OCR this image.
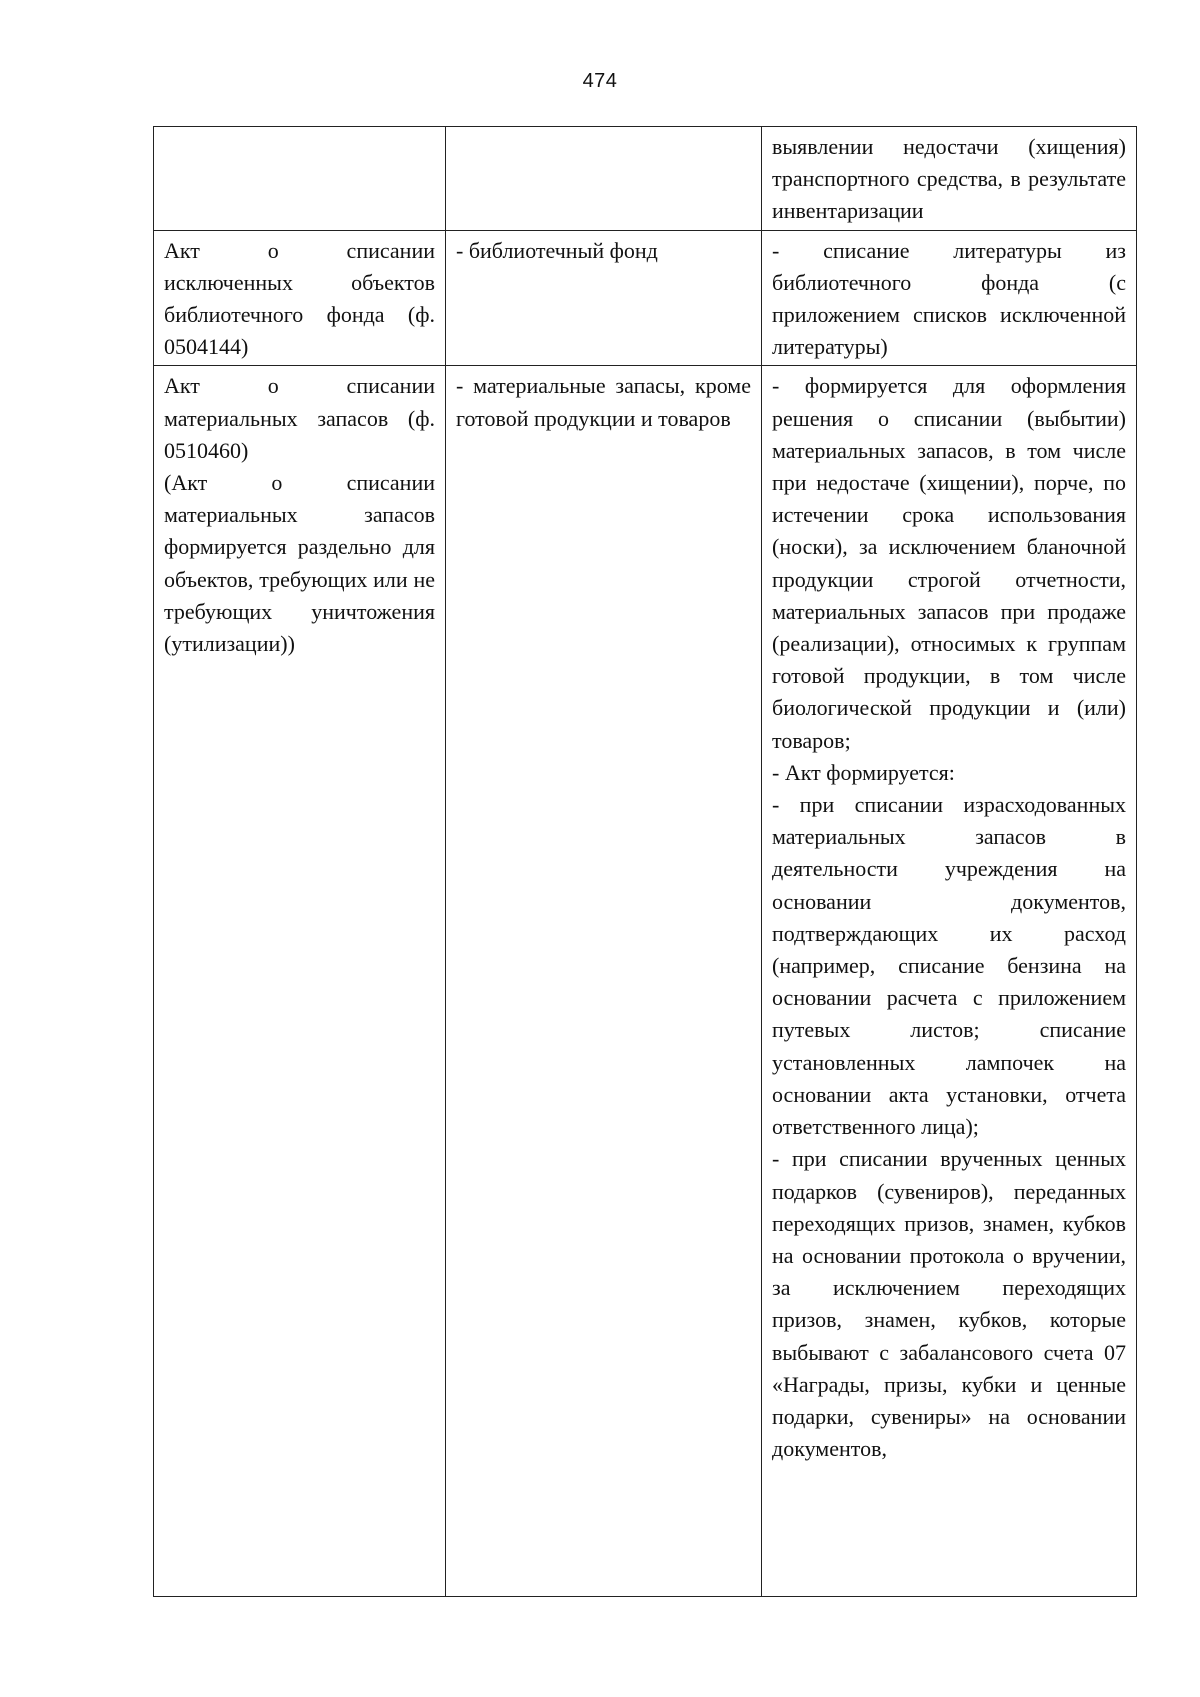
474

		выявлении недостачи (хищения) транспортного средства, в результате инвентаризации

Акт о списании исключенных объектов библиотечного фонда (ф. 0504144)	- библиотечный фонд	- списание литературы из библиотечного фонда (с приложением списков исключенной литературы)

Акт о списании материальных запасов (ф. 0510460)
(Акт о списании материальных запасов формируется раздельно для объектов, требующих или не требующих уничтожения (утилизации))	- материальные запасы, кроме готовой продукции и товаров	- формируется для оформления решения о списании (выбытии) материальных запасов, в том числе при недостаче (хищении), порче, по истечении срока использования (носки), за исключением бланочной продукции строгой отчетности, материальных запасов при продаже (реализации), относимых к группам готовой продукции, в том числе биологической продукции и (или) товаров;
- Акт формируется:
- при списании израсходованных материальных запасов в деятельности учреждения на основании документов, подтверждающих их расход (например, списание бензина на основании расчета с приложением путевых листов; списание установленных лампочек на основании акта установки, отчета ответственного лица);
- при списании врученных ценных подарков (сувениров), переданных переходящих призов, знамен, кубков на основании протокола о вручении, за исключением переходящих призов, знамен, кубков, которые выбывают с забалансового счета 07 «Награды, призы, кубки и ценные подарки, сувениры» на основании документов,
